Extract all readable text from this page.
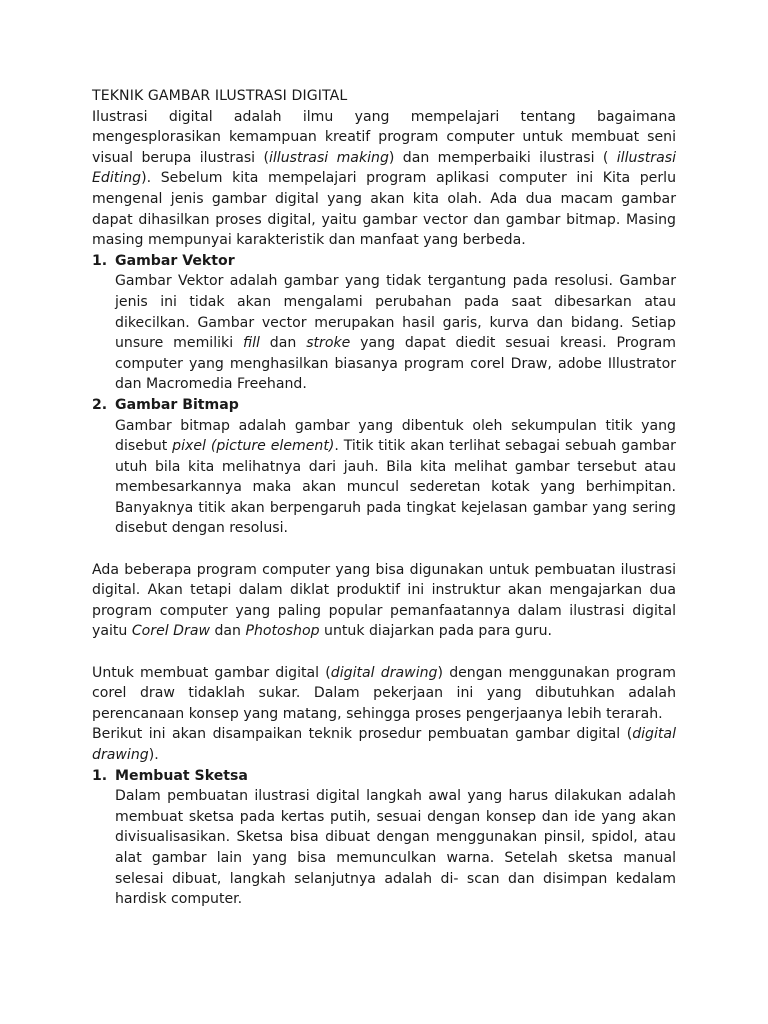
TEKNIK GAMBAR ILUSTRASI DIGITAL

Ilustrasi digital adalah ilmu yang mempelajari tentang bagaimana mengesplorasikan kemampuan kreatif program computer untuk membuat seni visual berupa ilustrasi (illustrasi making) dan memperbaiki ilustrasi ( illustrasi Editing). Sebelum kita mempelajari program aplikasi computer ini Kita perlu mengenal jenis gambar digital yang akan kita olah. Ada dua macam gambar dapat dihasilkan proses digital, yaitu gambar vector dan gambar bitmap. Masing masing mempunyai karakteristik dan manfaat yang berbeda.

1. Gambar Vektor

Gambar Vektor adalah gambar yang tidak tergantung pada resolusi. Gambar jenis ini tidak akan mengalami perubahan pada saat dibesarkan atau dikecilkan. Gambar vector merupakan hasil garis, kurva dan bidang. Setiap unsure memiliki fill dan stroke yang dapat diedit sesuai kreasi. Program computer yang menghasilkan biasanya program corel Draw, adobe Illustrator dan Macromedia Freehand.

2. Gambar Bitmap

Gambar bitmap adalah gambar yang dibentuk oleh sekumpulan titik yang disebut pixel (picture element). Titik titik akan terlihat sebagai sebuah gambar utuh bila kita melihatnya dari jauh. Bila kita melihat gambar tersebut atau membesarkannya maka akan muncul sederetan kotak yang berhimpitan. Banyaknya titik akan berpengaruh pada tingkat kejelasan gambar yang sering disebut dengan resolusi.

Ada beberapa program computer yang bisa digunakan untuk pembuatan ilustrasi digital. Akan tetapi dalam diklat produktif ini instruktur akan mengajarkan dua program computer yang paling popular pemanfaatannya dalam ilustrasi digital yaitu Corel Draw dan Photoshop untuk diajarkan pada para guru.

Untuk membuat gambar digital (digital drawing) dengan menggunakan program corel draw tidaklah sukar. Dalam pekerjaan ini yang dibutuhkan adalah perencanaan konsep yang matang, sehingga proses pengerjaanya lebih terarah.

Berikut ini akan disampaikan teknik prosedur pembuatan gambar digital (digital drawing).

1. Membuat Sketsa

Dalam pembuatan ilustrasi digital langkah awal yang harus dilakukan adalah membuat sketsa pada kertas putih, sesuai dengan konsep dan ide yang akan divisualisasikan. Sketsa bisa dibuat dengan menggunakan pinsil, spidol, atau alat gambar lain yang bisa memunculkan warna. Setelah sketsa manual selesai dibuat, langkah selanjutnya adalah di- scan dan disimpan kedalam hardisk computer.
